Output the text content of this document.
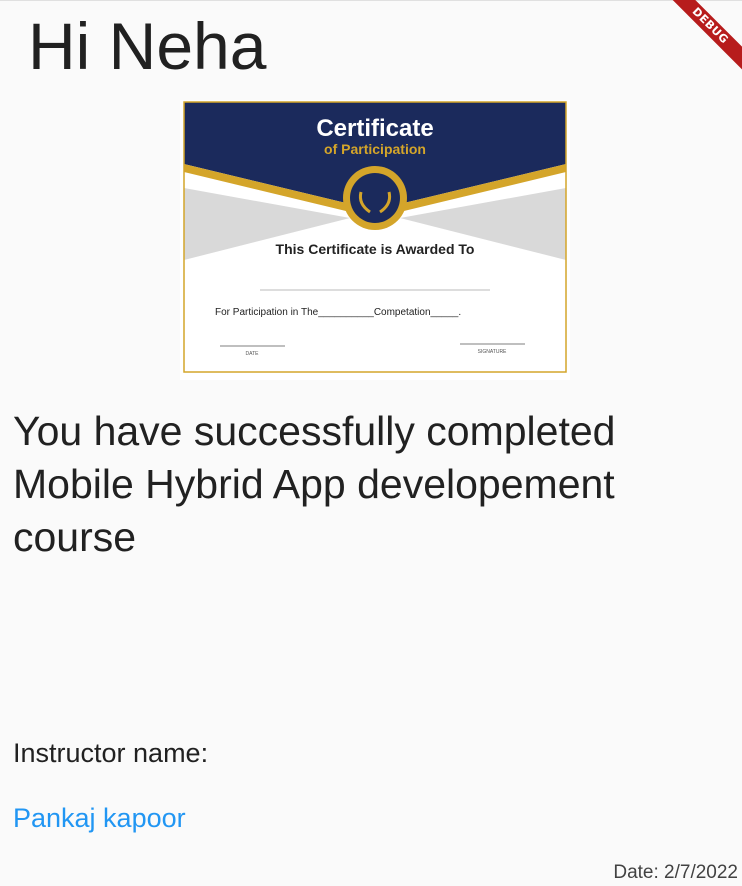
Hi Neha
Certificate
of Participation
This Certificate is Awarded To
For Participation in The__________Competation_____.
DATE	SIGNATURE

You have successfully completed Mobile Hybrid App developement course

Instructor name:
Pankaj kapoor
Date: 2/7/2022
DEBUG
